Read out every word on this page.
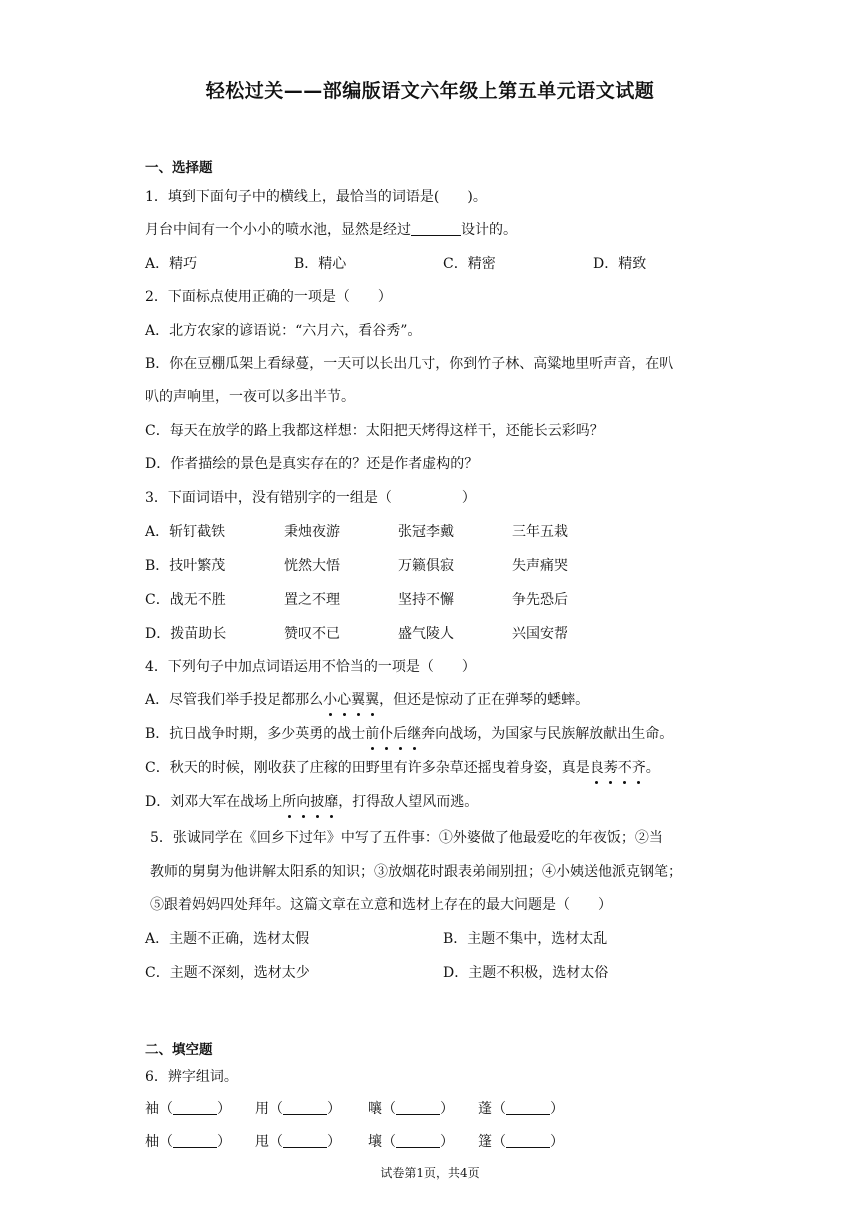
轻松过关——部编版语文六年级上第五单元语文试题
一、选择题
1．填到下面句子中的横线上，最恰当的词语是(　　)。
月台中间有一个小小的喷水池，显然是经过	设计的。
A．精巧	B．精心	C．精密	D．精致
2．下面标点使用正确的一项是（　　）
A．北方农家的谚语说：“六月六，看谷秀”。
B．你在豆棚瓜架上看绿蔓，一天可以长出几寸，你到竹子林、高粱地里听声音，在叭
叭的声响里，一夜可以多出半节。
C．每天在放学的路上我都这样想：太阳把天烤得这样干，还能长云彩吗？
D．作者描绘的景色是真实存在的？还是作者虚构的？
3．下面词语中，没有错别字的一组是（　　　　　）
A．斩钉截铁	秉烛夜游	张冠李戴	三年五栽
B．技叶繁茂	恍然大悟	万籁俱寂	失声痛哭
C．战无不胜	置之不理	坚持不懈	争先恐后
D．拨苗助长	赞叹不已	盛气陵人	兴国安帮
4．下列句子中加点词语运用不恰当的一项是（　　）
A．尽管我们举手投足都那么小心翼翼，但还是惊动了正在弹琴的蟋蟀。
B．抗日战争时期，多少英勇的战士前仆后继奔向战场，为国家与民族解放献出生命。
C．秋天的时候，刚收获了庄稼的田野里有许多杂草还摇曳着身姿，真是良莠不齐。
D．刘邓大军在战场上所向披靡，打得敌人望风而逃。
5．张诚同学在《回乡下过年》中写了五件事：①外婆做了他最爱吃的年夜饭；②当
教师的舅舅为他讲解太阳系的知识；③放烟花时跟表弟闹别扭；④小姨送他派克钢笔；
⑤跟着妈妈四处拜年。这篇文章在立意和选材上存在的最大问题是（　　）
A．主题不正确，选材太假	B．主题不集中，选材太乱
C．主题不深刻，选材太少	D．主题不积极，选材太俗
二、填空题
6．辨字组词。
袖（	） 用（	） 嚷（	） 蓬（	）
柚（	） 甩（	） 壤（	） 篷（	）
试卷第1页，共4页
